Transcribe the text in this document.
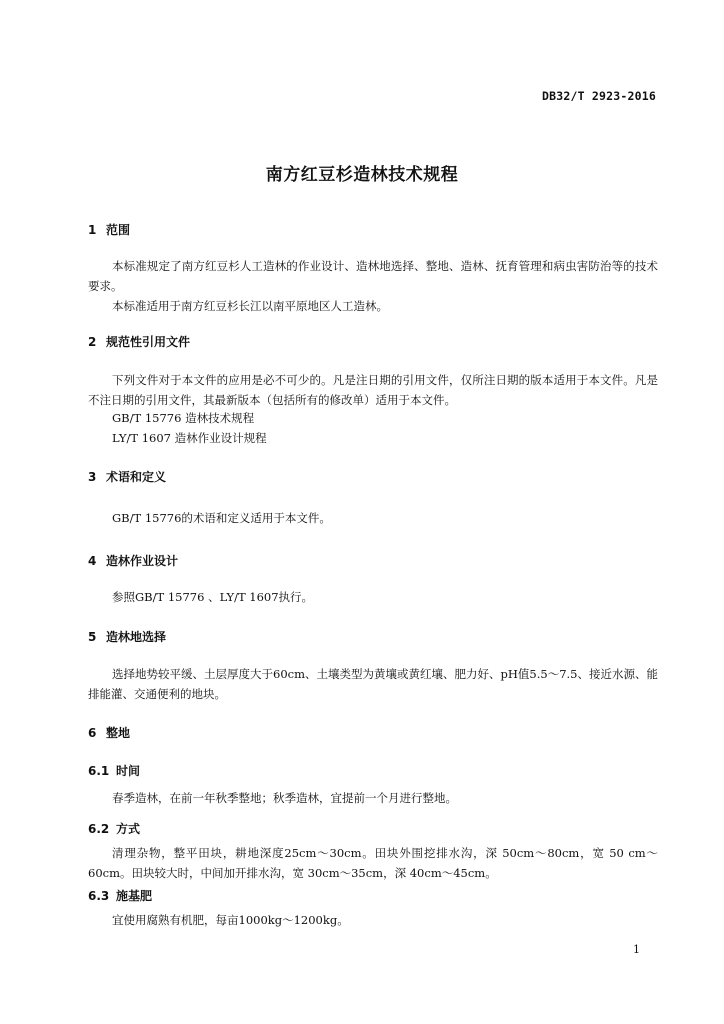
DB32/T 2923-2016
南方红豆杉造林技术规程
1 范围
本标准规定了南方红豆杉人工造林的作业设计、造林地选择、整地、造林、抚育管理和病虫害防治等的技术要求。
本标准适用于南方红豆杉长江以南平原地区人工造林。
2 规范性引用文件
下列文件对于本文件的应用是必不可少的。凡是注日期的引用文件，仅所注日期的版本适用于本文件。凡是不注日期的引用文件，其最新版本（包括所有的修改单）适用于本文件。
GB/T 15776 造林技术规程
LY/T 1607 造林作业设计规程
3 术语和定义
GB/T 15776的术语和定义适用于本文件。
4 造林作业设计
参照GB/T 15776 、LY/T 1607执行。
5 造林地选择
选择地势较平缓、土层厚度大于60cm、土壤类型为黄壤或黄红壤、肥力好、pH值5.5～7.5、接近水源、能排能灌、交通便利的地块。
6 整地
6.1 时间
春季造林，在前一年秋季整地；秋季造林，宜提前一个月进行整地。
6.2 方式
清理杂物，整平田块，耕地深度25cm～30cm。田块外围挖排水沟，深 50cm～80cm，宽 50 cm～60cm。田块较大时，中间加开排水沟，宽 30cm～35cm，深 40cm～45cm。
6.3 施基肥
宜使用腐熟有机肥，每亩1000kg～1200kg。
1
